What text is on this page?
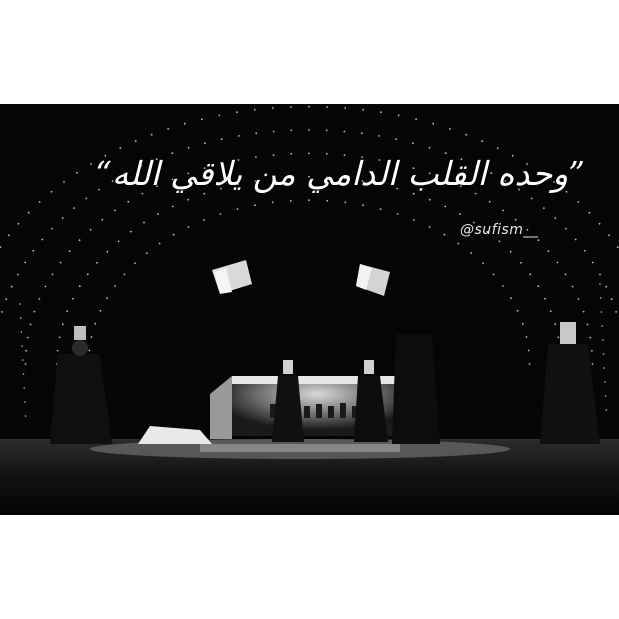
”وحده القلب الدامي من يلاقي الله“
@sufism__
